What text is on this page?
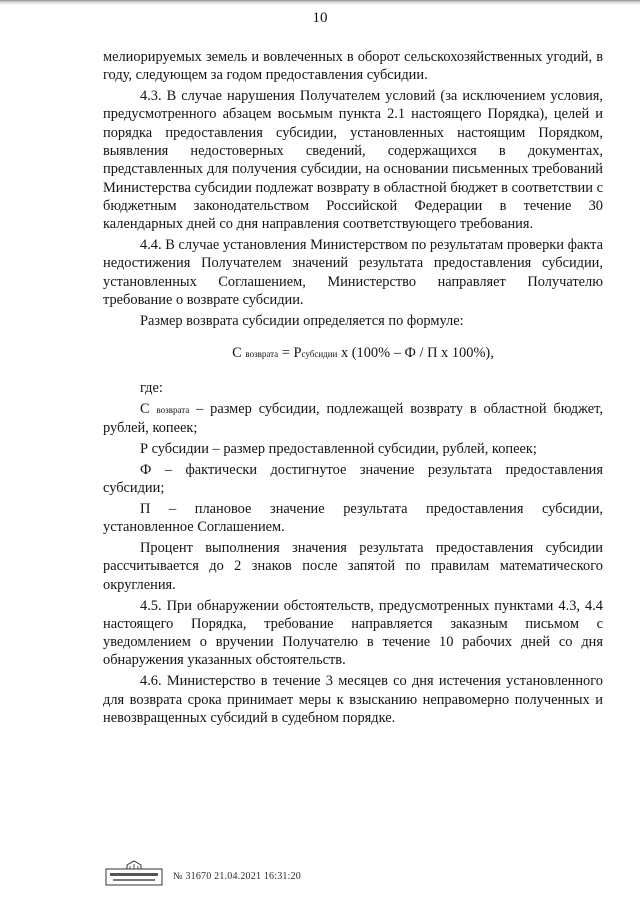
10

мелиорируемых земель и вовлеченных в оборот сельскохозяйственных угодий, в году, следующем за годом предоставления субсидии.

4.3. В случае нарушения Получателем условий (за исключением условия, предусмотренного абзацем восьмым пункта 2.1 настоящего Порядка), целей и порядка предоставления субсидии, установленных настоящим Порядком, выявления недостоверных сведений, содержащихся в документах, представленных для получения субсидии, на основании письменных требований Министерства субсидии подлежат возврату в областной бюджет в соответствии с бюджетным законодательством Российской Федерации в течение 30 календарных дней со дня направления соответствующего требования.

4.4. В случае установления Министерством по результатам проверки факта недостижения Получателем значений результата предоставления субсидии, установленных Соглашением, Министерство направляет Получателю требование о возврате субсидии.

Размер возврата субсидии определяется по формуле:

С возврата = Рсубсидии х (100% – Ф / П х 100%),

где:

С возврата – размер субсидии, подлежащей возврату в областной бюджет, рублей, копеек;

Р субсидии – размер предоставленной субсидии, рублей, копеек;

Ф – фактически достигнутое значение результата предоставления субсидии;

П – плановое значение результата предоставления субсидии, установленное Соглашением.

Процент выполнения значения результата предоставления субсидии рассчитывается до 2 знаков после запятой по правилам математического округления.

4.5. При обнаружении обстоятельств, предусмотренных пунктами 4.3, 4.4 настоящего Порядка, требование направляется заказным письмом с уведомлением о вручении Получателю в течение 10 рабочих дней со дня обнаружения указанных обстоятельств.

4.6. Министерство в течение 3 месяцев со дня истечения установленного для возврата срока принимает меры к взысканию неправомерно полученных и невозвращенных субсидий в судебном порядке.

№ 31670 21.04.2021 16:31:20
